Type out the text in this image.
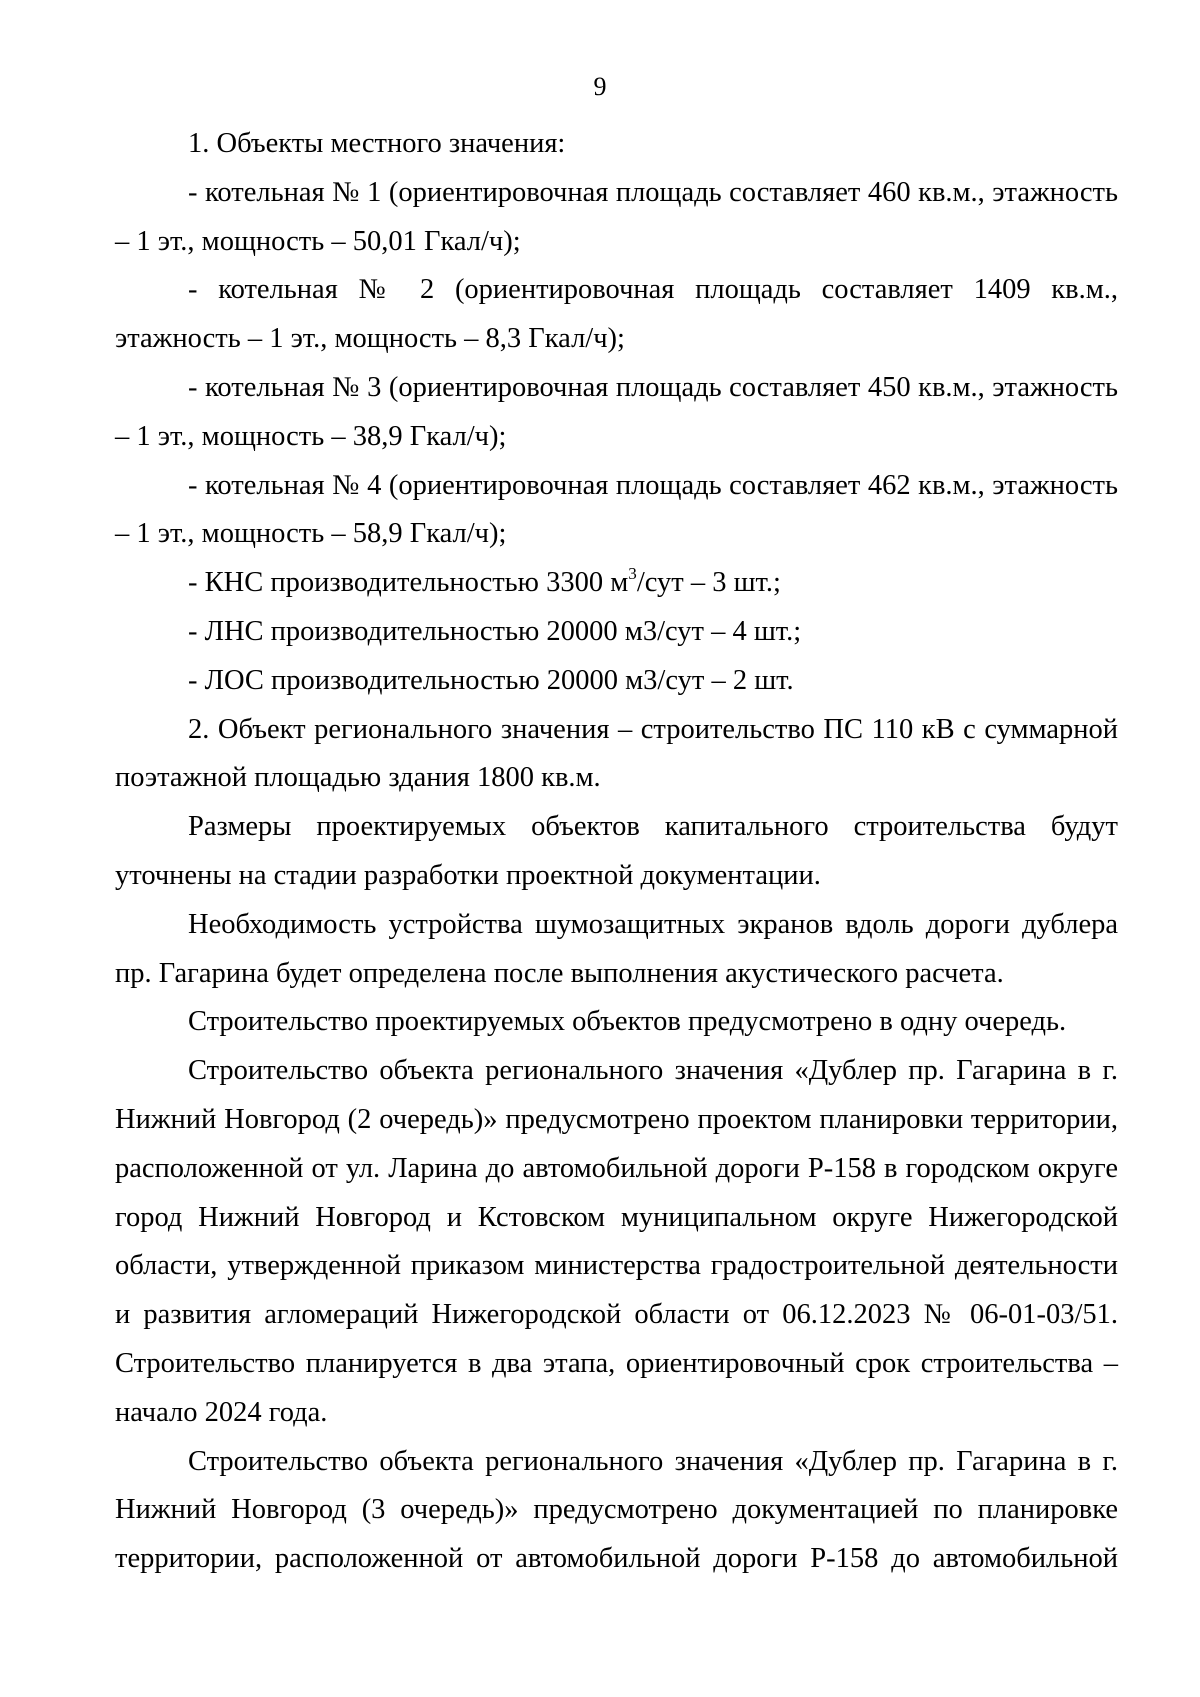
9

1. Объекты местного значения:

- котельная № 1 (ориентировочная площадь составляет 460 кв.м., этажность – 1 эт., мощность – 50,01 Гкал/ч);

- котельная № 2 (ориентировочная площадь составляет 1409 кв.м., этажность – 1 эт., мощность – 8,3 Гкал/ч);

- котельная № 3 (ориентировочная площадь составляет 450 кв.м., этажность – 1 эт., мощность – 38,9 Гкал/ч);

- котельная № 4 (ориентировочная площадь составляет 462 кв.м., этажность – 1 эт., мощность – 58,9 Гкал/ч);

- КНС производительностью 3300 $м^3$/сут – 3 шт.;

- ЛНС производительностью 20000 м3/сут – 4 шт.;

- ЛОС производительностью 20000 м3/сут – 2 шт.

2. Объект регионального значения – строительство ПС 110 кВ с суммарной поэтажной площадью здания 1800 кв.м.

Размеры проектируемых объектов капитального строительства будут уточнены на стадии разработки проектной документации.

Необходимость устройства шумозащитных экранов вдоль дороги дублера пр. Гагарина будет определена после выполнения акустического расчета.

Строительство проектируемых объектов предусмотрено в одну очередь.

Строительство объекта регионального значения «Дублер пр. Гагарина в г. Нижний Новгород (2 очередь)» предусмотрено проектом планировки территории, расположенной от ул. Ларина до автомобильной дороги Р-158 в городском округе город Нижний Новгород и Кстовском муниципальном округе Нижегородской области, утвержденной приказом министерства градостроительной деятельности и развития агломераций Нижегородской области от 06.12.2023 № 06-01-03/51. Строительство планируется в два этапа, ориентировочный срок строительства – начало 2024 года.

Строительство объекта регионального значения «Дублер пр. Гагарина в г. Нижний Новгород (3 очередь)» предусмотрено документацией по планировке территории, расположенной от автомобильной дороги Р-158 до автомобильной
